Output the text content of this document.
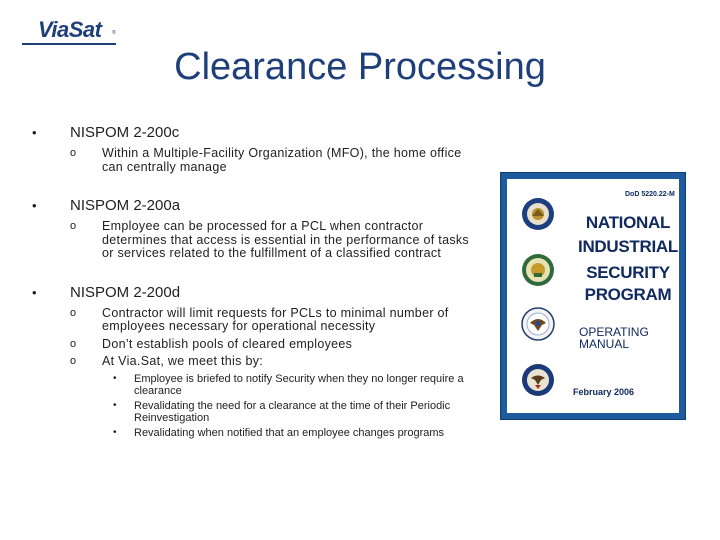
ViaSat ®
Clearance Processing
• NISPOM 2-200c
o Within a Multiple-Facility Organization (MFO), the home office can centrally manage
• NISPOM 2-200a
o Employee can be processed for a PCL when contractor determines that access is essential in the performance of tasks or services related to the fulfillment of a classified contract
• NISPOM 2-200d
o Contractor will limit requests for PCLs to minimal number of employees necessary for operational necessity
o Don’t establish pools of cleared employees
o At Via.Sat, we meet this by:
• Employee is briefed to notify Security when they no longer require a clearance
• Revalidating the need for a clearance at the time of their Periodic Reinvestigation
• Revalidating when notified that an employee changes programs
DoD 5220.22-M
NATIONAL
INDUSTRIAL
SECURITY
PROGRAM
OPERATING
MANUAL
February 2006
